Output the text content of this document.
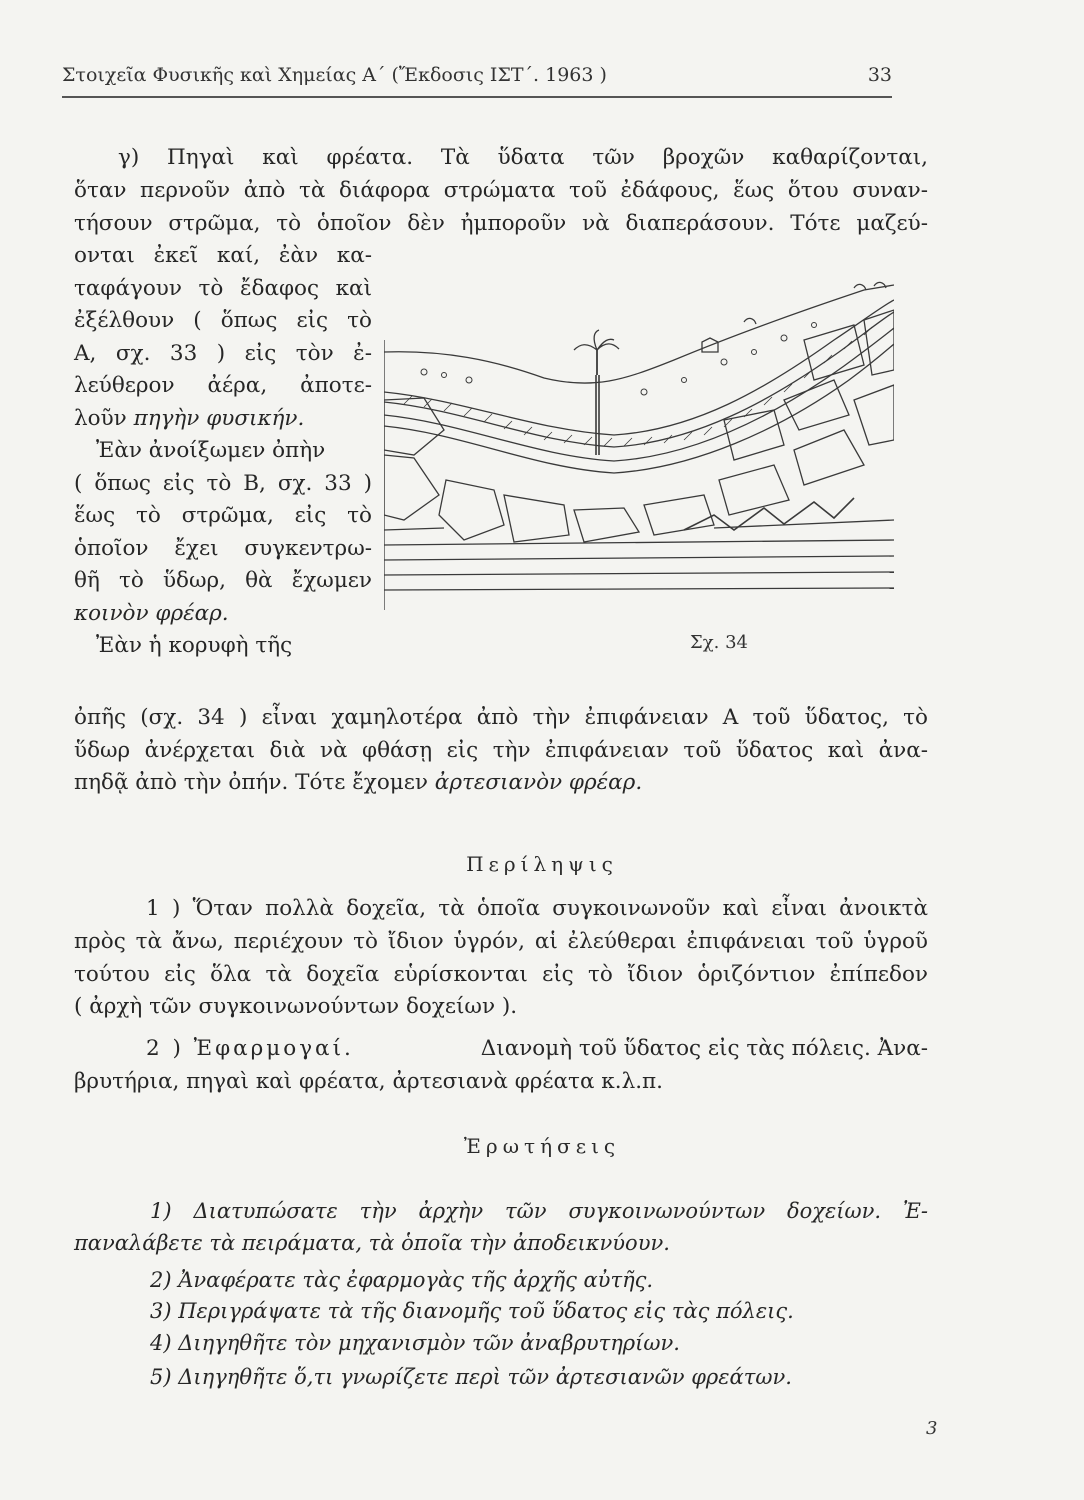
Στοιχεῖα Φυσικῆς καὶ Χημείας Α΄ (Ἔκδοσις ΙΣΤ΄. 1963 )	33
γ) Πηγαὶ καὶ φρέατα. Τὰ ὕδατα τῶν βροχῶν καθαρίζονται,
ὅταν περνοῦν ἀπὸ τὰ διάφορα στρώματα τοῦ ἐδάφους, ἕως ὅτου συναν-
τήσουν στρῶμα, τὸ ὁποῖον δὲν ἠμποροῦν νὰ διαπεράσουν. Τότε μαζεύ-
ονται ἐκεῖ καί, ἐὰν κα-
ταφάγουν τὸ ἔδαφος καὶ
ἐξέλθουν ( ὅπως εἰς τὸ
Α, σχ. 33 ) εἰς τὸν ἐ-
λεύθερον ἀέρα, ἀποτε-
λοῦν πηγὴν φυσικήν.
Ἐὰν ἀνοίξωμεν ὀπὴν
( ὅπως εἰς τὸ Β, σχ. 33 )
ἕως τὸ στρῶμα, εἰς τὸ
ὁποῖον ἔχει συγκεντρω-
θῆ τὸ ὕδωρ, θὰ ἔχωμεν
κοινὸν φρέαρ.
Ἐὰν ἡ κορυφὴ τῆς	Σχ. 34
ὀπῆς (σχ. 34 ) εἶναι χαμηλοτέρα ἀπὸ τὴν ἐπιφάνειαν Α τοῦ ὕδατος, τὸ
ὕδωρ ἀνέρχεται διὰ νὰ φθάσῃ εἰς τὴν ἐπιφάνειαν τοῦ ὕδατος καὶ ἀνα-
πηδᾷ ἀπὸ τὴν ὀπήν. Τότε ἔχομεν ἀρτεσιανὸν φρέαρ.
Περίληψις
1 ) Ὅταν πολλὰ δοχεῖα, τὰ ὁποῖα συγκοινωνοῦν καὶ εἶναι ἀνοικτὰ
πρὸς τὰ ἄνω, περιέχουν τὸ ἴδιον ὑγρόν, αἱ ἐλεύθεραι ἐπιφάνειαι τοῦ ὑγροῦ
τούτου εἰς ὅλα τὰ δοχεῖα εὑρίσκονται εἰς τὸ ἴδιον ὁριζόντιον ἐπίπεδον
( ἀρχὴ τῶν συγκοινωνούντων δοχείων ).
2 ) Ἐφαρμογαί.	Διανομὴ τοῦ ὕδατος εἰς τὰς πόλεις. Ἀνα-
βρυτήρια, πηγαὶ καὶ φρέατα, ἀρτεσιανὰ φρέατα κ.λ.π.
Ἐρωτήσεις
1) Διατυπώσατε τὴν ἀρχὴν τῶν συγκοινωνούντων δοχείων. Ἐ-
παναλάβετε τὰ πειράματα, τὰ ὁποῖα τὴν ἀποδεικνύουν.
2) Ἀναφέρατε τὰς ἐφαρμογὰς τῆς ἀρχῆς αὐτῆς.
3) Περιγράψατε τὰ τῆς διανομῆς τοῦ ὕδατος εἰς τὰς πόλεις.
4) Διηγηθῆτε τὸν μηχανισμὸν τῶν ἀναβρυτηρίων.
5) Διηγηθῆτε ὅ,τι γνωρίζετε περὶ τῶν ἀρτεσιανῶν φρεάτων.
3
